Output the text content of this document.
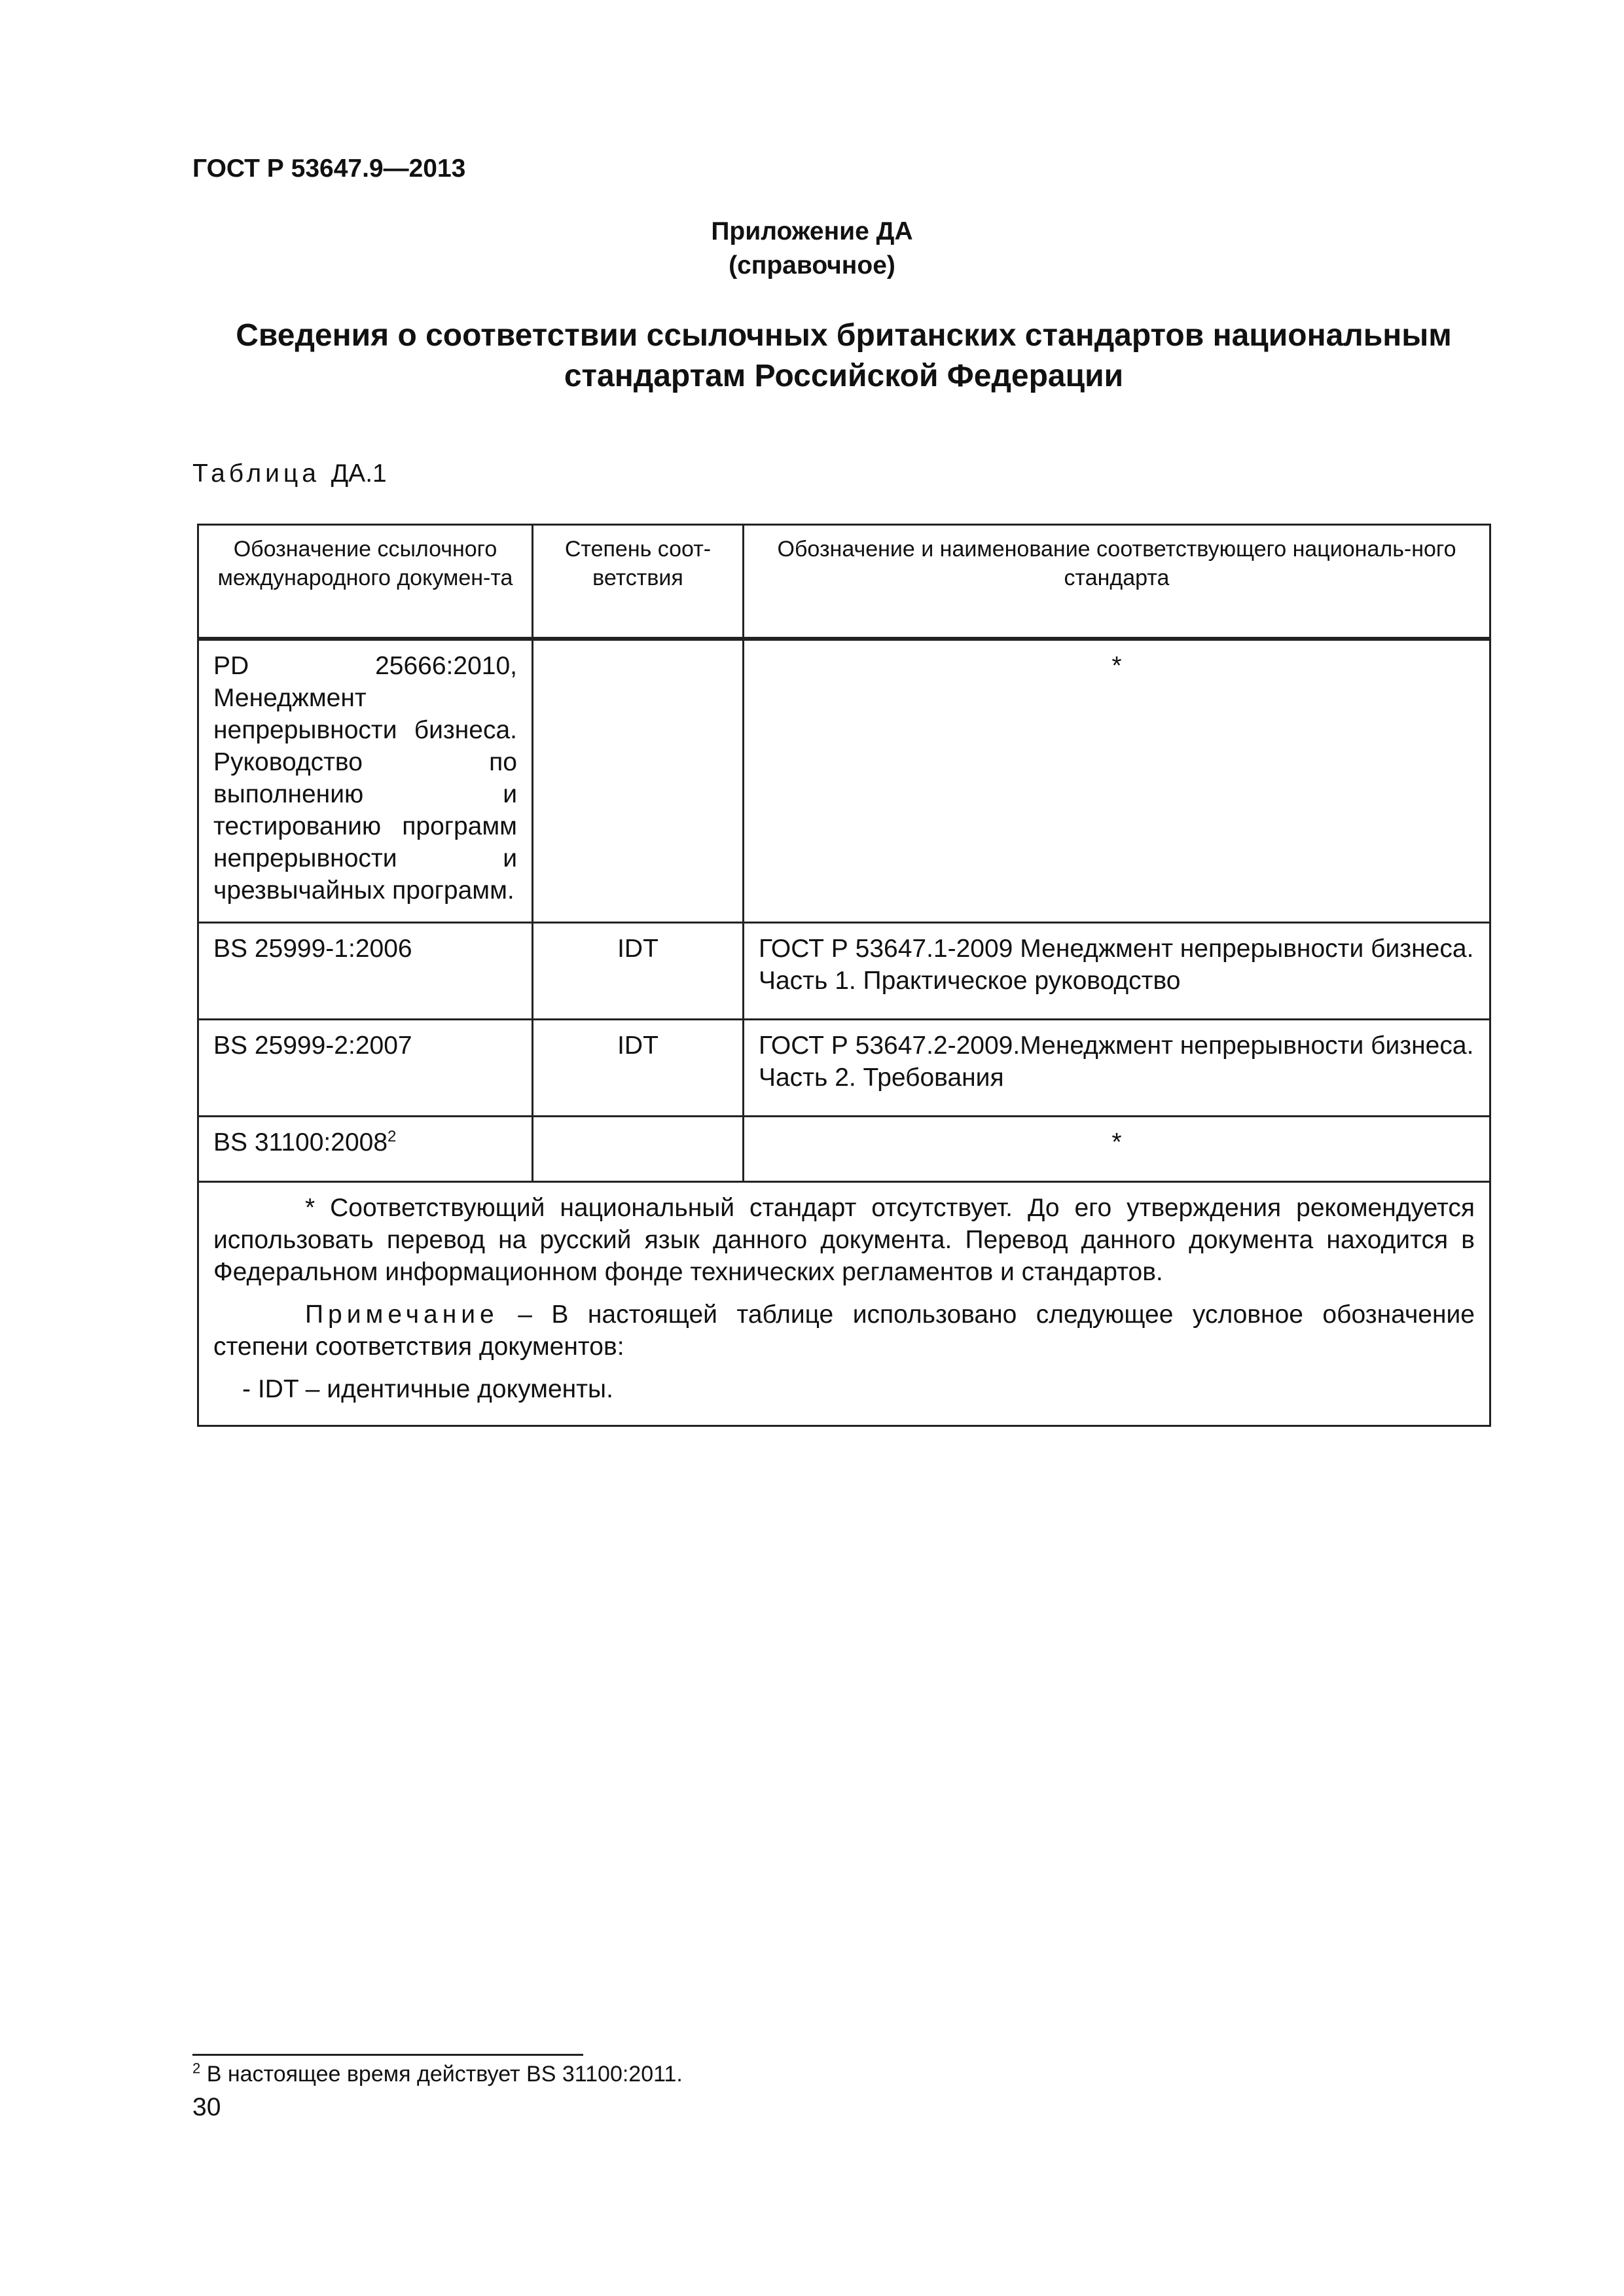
ГОСТ Р 53647.9—2013
Приложение ДА
(справочное)
Сведения о соответствии ссылочных британских стандартов национальным
стандартам Российской Федерации
Таблица ДА.1
Обозначение ссылочного международного докумен-та	Степень соот-ветствия	Обозначение и наименование соответствующего националь-ного стандарта
PD 25666:2010, Менеджмент непрерывности бизнеса. Руководство по выполнению и тестированию программ непрерывности и чрезвычайных программ.		*
BS 25999-1:2006	IDT	ГОСТ Р 53647.1-2009 Менеджмент непрерывности бизнеса. Часть 1. Практическое руководство
BS 25999-2:2007	IDT	ГОСТ Р 53647.2-2009.Менеджмент непрерывности бизнеса. Часть 2. Требования
BS 31100:2008$^2$		*

* Соответствующий национальный стандарт отсутствует. До его утверждения рекомендуется использовать перевод на русский язык данного документа. Перевод данного документа находится в Федеральном информационном фонде технических регламентов и стандартов.

Примечание – В настоящей таблице использовано следующее условное обозначение степени соответствия документов:

- IDT – идентичные документы.		

$^2$ В настоящее время действует BS 31100:2011.
30
